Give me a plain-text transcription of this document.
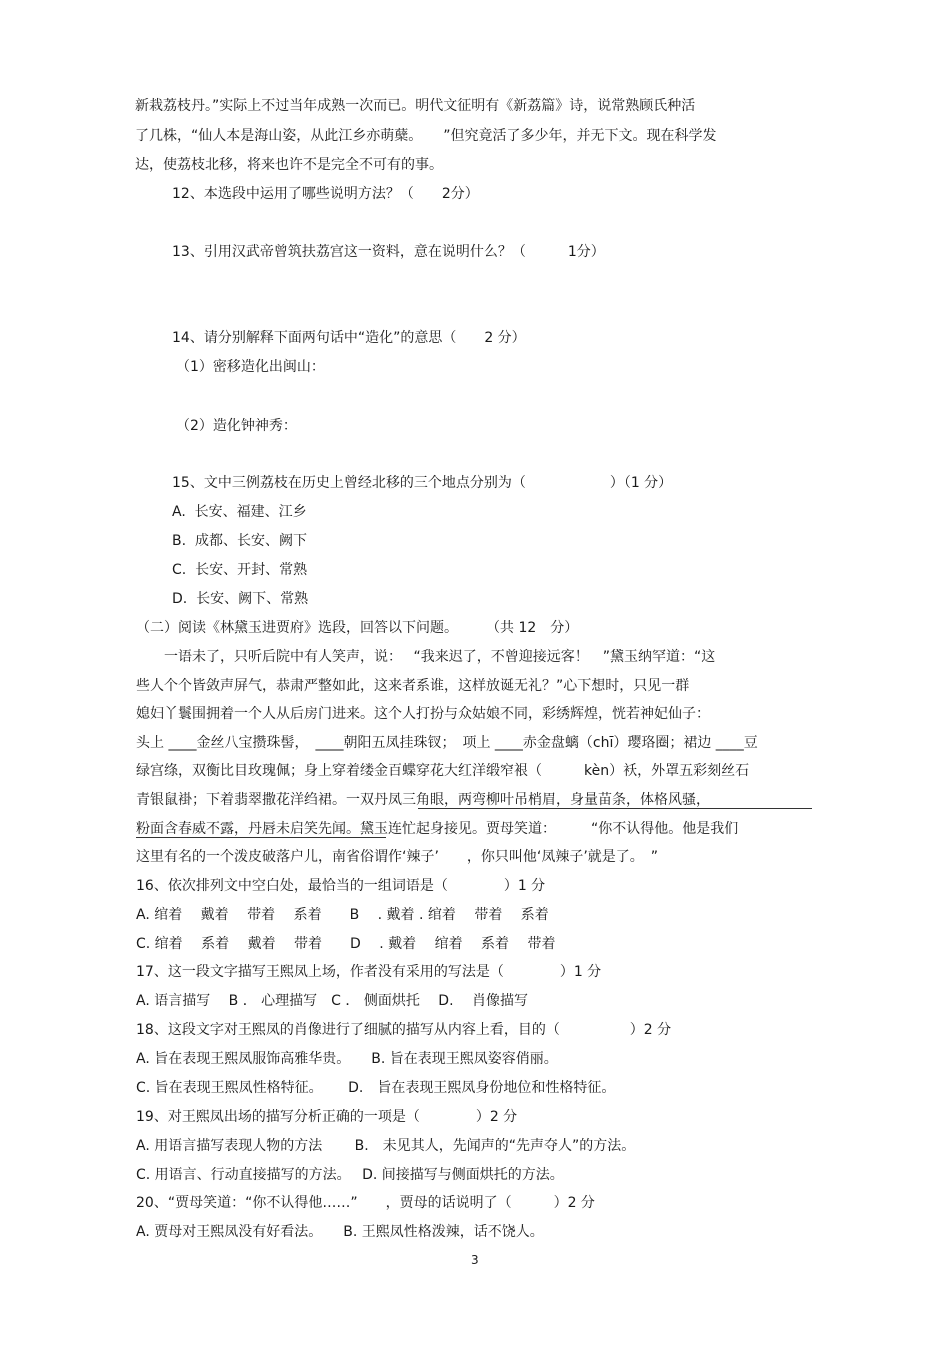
新栽荔枝丹。”实际上不过当年成熟一次而已。明代文征明有《新荔篇》诗，说常熟顾氏种活
了几株，“仙人本是海山姿，从此江乡亦萌蘖。　　”但究竟活了多少年，并无下文。现在科学发
达，使荔枝北移，将来也许不是完全不可有的事。
12、本选段中运用了哪些说明方法？（　　2分）
13、引用汉武帝曾筑扶荔宫这一资料，意在说明什么？（　　　1分）
14、请分别解释下面两句话中“造化”的意思（　　2 分）
（1）密移造化出闽山：
（2）造化钟神秀：
15、文中三例荔枝在历史上曾经北移的三个地点分别为（　　　　　　）（1 分）
A.  长安、福建、江乡
B.  成都、长安、阙下
C.  长安、开封、常熟
D.  长安、阙下、常熟
（二）阅读《林黛玉进贾府》选段，回答以下问题。　　　（共 12　分）
　　一语未了，只听后院中有人笑声，说：　 “我来迟了，不曾迎接远客！　”黛玉纳罕道：“这
些人个个皆敛声屏气，恭肃严整如此，这来者系谁，这样放诞无礼？”心下想时，只见一群
媳妇丫鬟围拥着一个人从后房门进来。这个人打扮与众姑娘不同，彩绣辉煌，恍若神妃仙子：
头上 ____金丝八宝攒珠髻，　____朝阳五凤挂珠钗；　项上 ____赤金盘螭（chī）璎珞圈；裙边 ____豆
绿宫绦，双衡比目玫瑰佩；身上穿着缕金百蝶穿花大红洋缎窄裉（　　　kèn）袄，外罩五彩刻丝石
青银鼠褂；下着翡翠撒花洋绉裙。一双丹凤三角眼，两弯柳叶吊梢眉，身量苗条，体格风骚，
粉面含春威不露，丹唇未启笑先闻。黛玉连忙起身接见。贾母笑道：　　　“你不认得他。他是我们
这里有名的一个泼皮破落户儿，南省俗谓作‘辣子’　　，你只叫他‘凤辣子’就是了。　”
16、依次排列文中空白处，最恰当的一组词语是（　　　　）1 分
A. 绾着　 戴着　 带着　 系着　　B　 . 戴着 . 绾着　 带着　 系着
C. 绾着　 系着　 戴着　 带着　　D　 . 戴着　 绾着　 系着　 带着
17、这一段文字描写王熙凤上场，作者没有采用的写法是（　　　　）1 分
A. 语言描写　 B ． 心理描写　C ． 侧面烘托　 D.　 肖像描写
18、这段文字对王熙凤的肖像进行了细腻的描写从内容上看，目的（　　　　　）2 分
A. 旨在表现王熙凤服饰高雅华贵。　　B. 旨在表现王熙凤姿容俏丽。
C. 旨在表现王熙凤性格特征。　　 D.　旨在表现王熙凤身份地位和性格特征。
19、对王熙凤出场的描写分析正确的一项是（　　　　）2 分
A. 用语言描写表现人物的方法　　 B.　未见其人，先闻声的“先声夺人”的方法。
C. 用语言、行动直接描写的方法。　 D. 间接描写与侧面烘托的方法。
20、“贾母笑道：“你不认得他……”　　，贾母的话说明了（　　　）2 分
A. 贾母对王熙凤没有好看法。　　B. 王熙凤性格泼辣，话不饶人。
3
